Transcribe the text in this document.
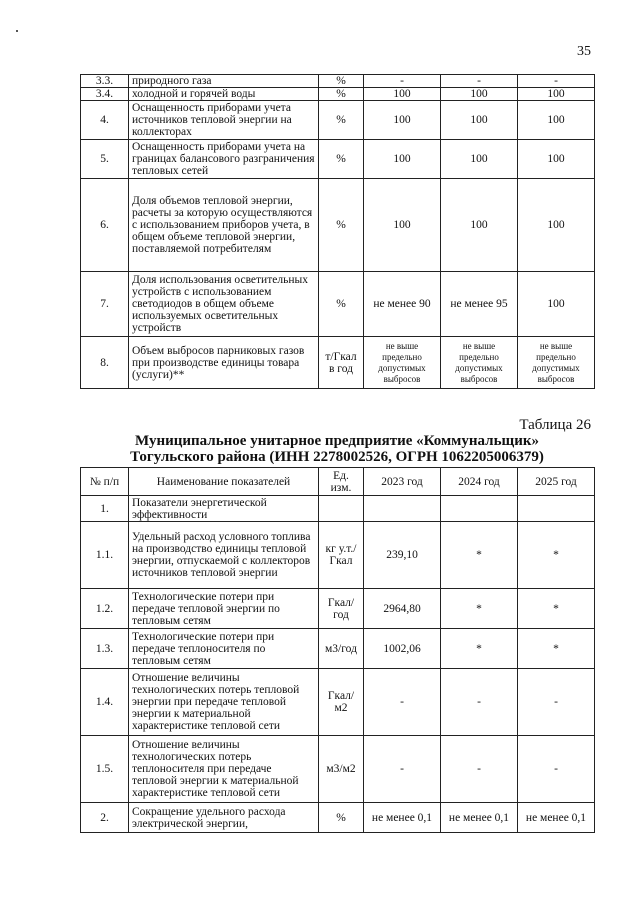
35
3.3.	природного газа	%	-	-	-
3.4.	холодной и горячей воды	%	100	100	100
4.	Оснащенность приборами учета источников тепловой энергии на коллекторах	%	100	100	100
5.	Оснащенность приборами учета на границах балансового разграничения тепловых сетей	%	100	100	100
6.	Доля объемов тепловой энергии, расчеты за которую осуществляются с использованием приборов учета, в общем объеме тепловой энергии, поставляемой потребителям	%	100	100	100
7.	Доля использования осветительных устройств с использованием светодиодов в общем объеме используемых осветительных устройств	%	не менее 90	не менее 95	100
8.	Объем выбросов парниковых газов при производстве единицы товара (услуги)**	т/Гкал в год	не выше предельно допустимых выбросов	не выше предельно допустимых выбросов	не выше предельно допустимых выбросов
Таблица 26
Муниципальное унитарное предприятие «Коммунальщик»
Тогульского района (ИНН 2278002526, ОГРН 1062205006379)
№ п/п	Наименование показателей	Ед. изм.	2023 год	2024 год	2025 год
1.	Показатели энергетической эффективности				
1.1.	Удельный расход условного топлива на производство единицы тепловой энергии, отпускаемой с коллекторов источников тепловой энергии	кг у.т./ Гкал	239,10	*	*
1.2.	Технологические потери при передаче тепловой энергии по тепловым сетям	Гкал/ год	2964,80	*	*
1.3.	Технологические потери при передаче теплоносителя по тепловым сетям	м3/год	1002,06	*	*
1.4.	Отношение величины технологических потерь тепловой энергии при передаче тепловой энергии к материальной характеристике тепловой сети	Гкал/ м2	-	-	-
1.5.	Отношение величины технологических потерь теплоносителя при передаче тепловой энергии к материальной характеристике тепловой сети	м3/м2	-	-	-
2.	Сокращение удельного расхода электрической энергии,	%	не менее 0,1	не менее 0,1	не менее 0,1
